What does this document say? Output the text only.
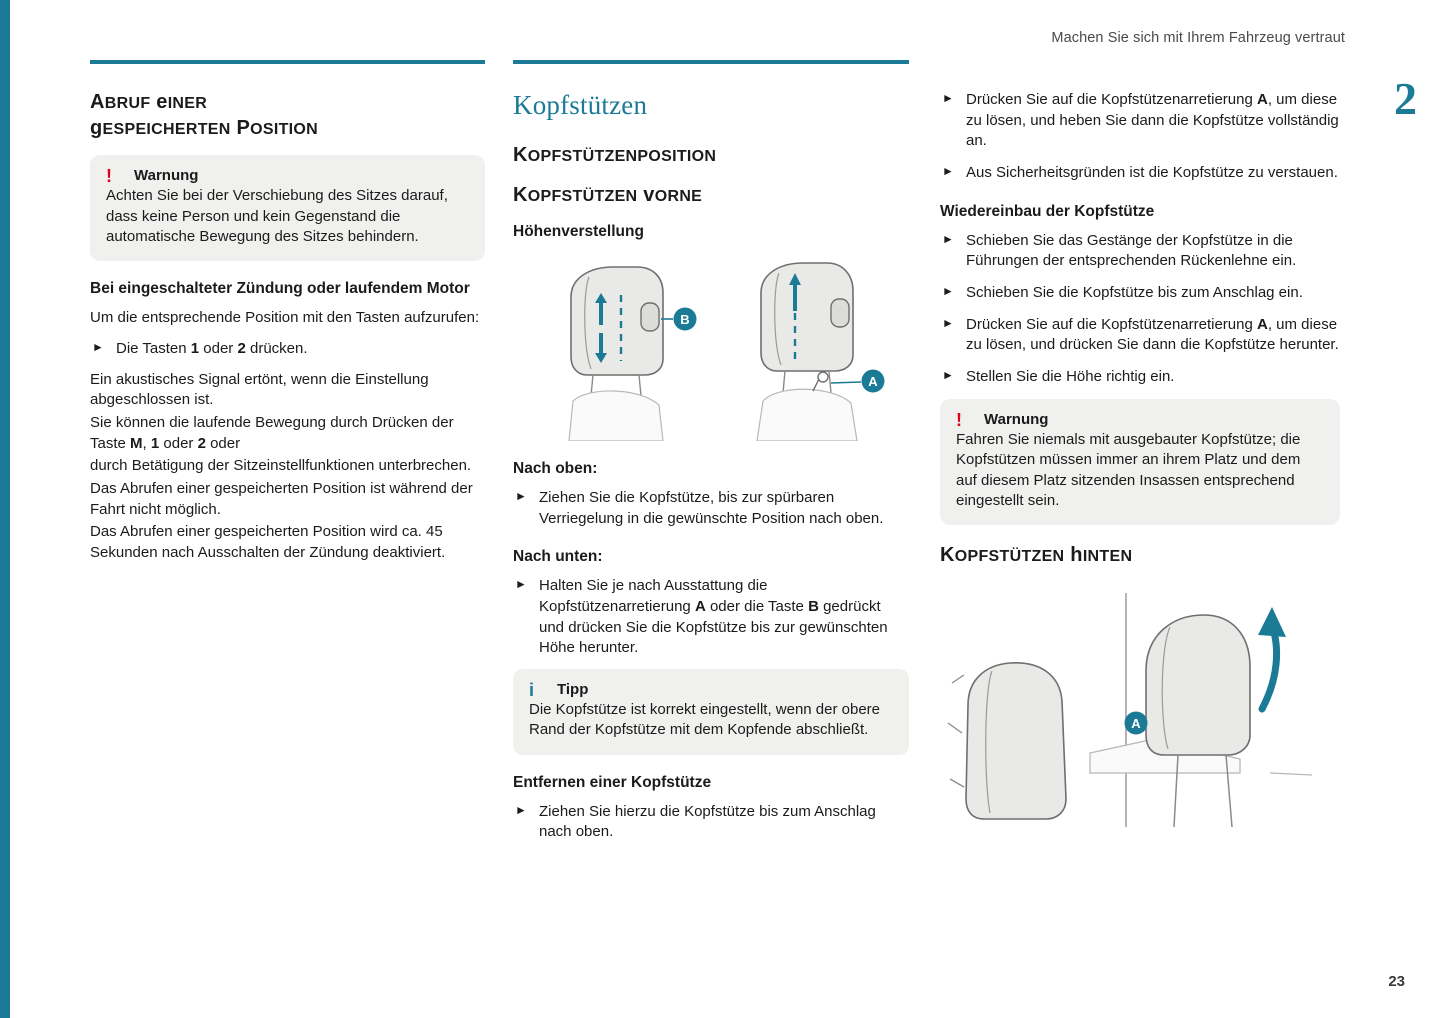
Machen Sie sich mit Ihrem Fahrzeug vertraut
2
23
ABRUF eINER
gESPEICHERTEN POSITION
! Warnung
Achten Sie bei der Verschiebung des Sitzes darauf, dass keine Person und kein Gegenstand die automatische Bewegung des Sitzes behindern.
Bei eingeschalteter Zündung oder laufendem Motor

Um die entsprechende Position mit den Tasten aufzurufen:

► Die Tasten 1 oder 2 drücken.

Ein akustisches Signal ertönt, wenn die Einstellung abgeschlossen ist.

Sie können die laufende Bewegung durch Drücken der Taste M, 1 oder 2 oder

durch Betätigung der Sitzeinstellfunktionen unterbrechen.

Das Abrufen einer gespeicherten Position ist während der Fahrt nicht möglich.

Das Abrufen einer gespeicherten Position wird ca. 45 Sekunden nach Ausschalten der Zündung deaktiviert.

Kopfstützen
KOPFSTÜTZENPOSITION
KOPFSTÜTZEN vORNE
Höhenverstellung
B
A
Nach oben:
► Ziehen Sie die Kopfstütze, bis zur spürbaren Verriegelung in die gewünschte Position nach oben.
Nach unten:
► Halten Sie je nach Ausstattung die Kopfstützenarretierung A oder die Taste B gedrückt und drücken Sie die Kopfstütze bis zur gewünschten Höhe herunter.
i Tipp
Die Kopfstütze ist korrekt eingestellt, wenn der obere Rand der Kopfstütze mit dem Kopfende abschließt.
Entfernen einer Kopfstütze
► Ziehen Sie hierzu die Kopfstütze bis zum Anschlag nach oben.
► Drücken Sie auf die Kopfstützenarretierung A, um diese zu lösen, und heben Sie dann die Kopfstütze vollständig an.
► Aus Sicherheitsgründen ist die Kopfstütze zu verstauen.
Wiedereinbau der Kopfstütze
► Schieben Sie das Gestänge der Kopfstütze in die Führungen der entsprechenden Rückenlehne ein.
► Schieben Sie die Kopfstütze bis zum Anschlag ein.
► Drücken Sie auf die Kopfstützenarretierung A, um diese zu lösen, und drücken Sie dann die Kopfstütze herunter.
► Stellen Sie die Höhe richtig ein.
! Warnung
Fahren Sie niemals mit ausgebauter Kopfstütze; die Kopfstützen müssen immer an ihrem Platz und dem auf diesem Platz sitzenden Insassen entsprechend eingestellt sein.
KOPFSTÜTZEN hINTEN
A
